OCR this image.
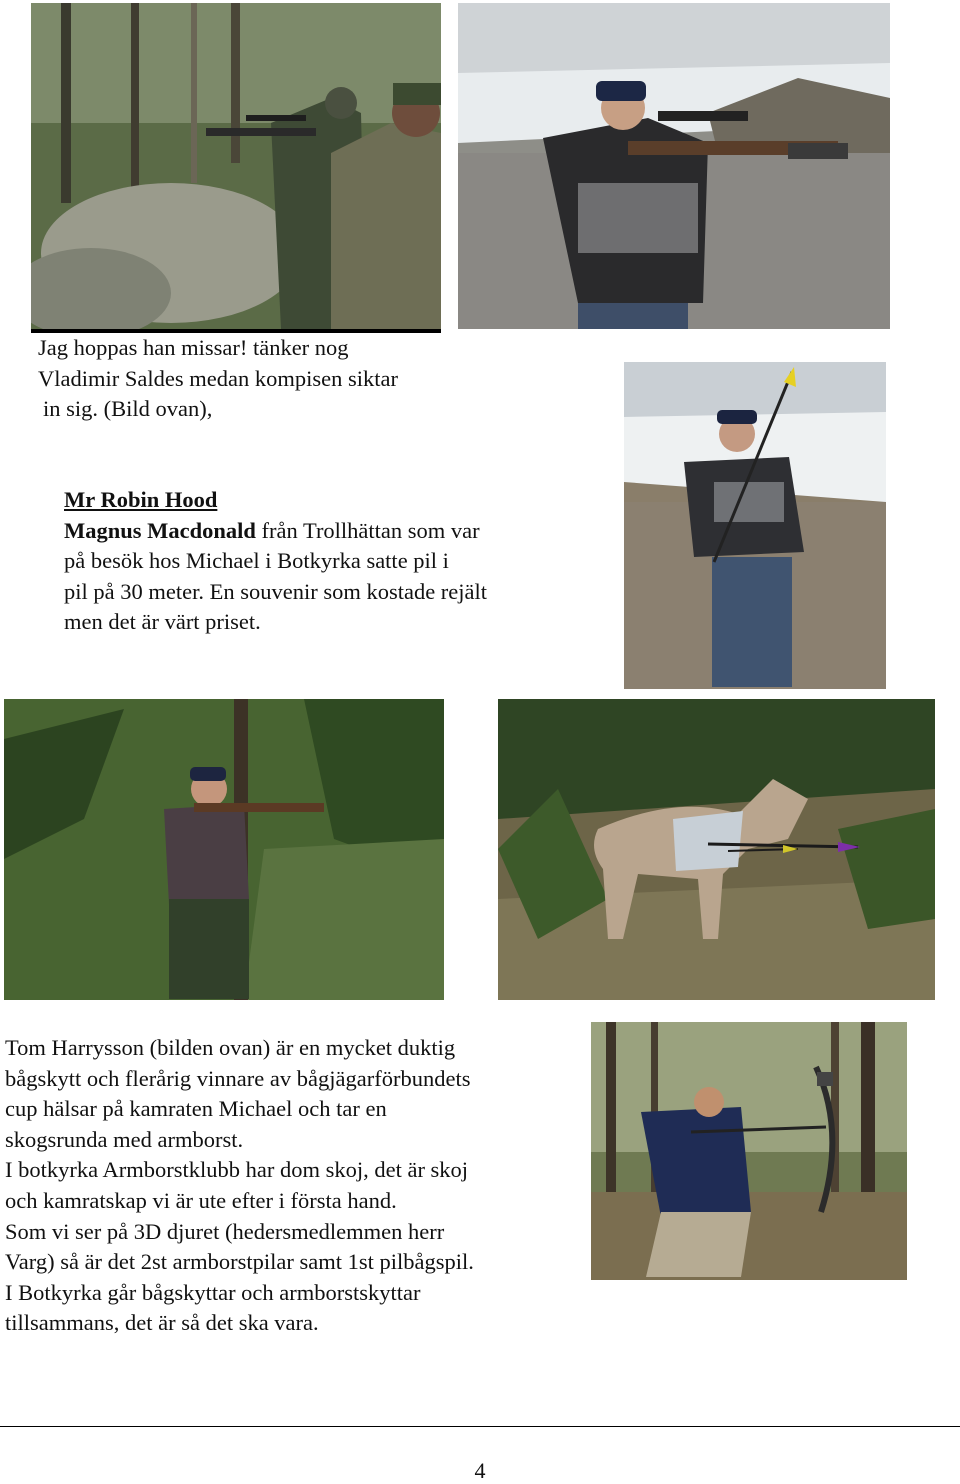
Jag hoppas han missar! tänker nog
Vladimir Saldes medan kompisen siktar
in sig. (Bild ovan),
Mr Robin Hood
Magnus Macdonald från Trollhättan som var
på besök hos Michael i Botkyrka satte pil i
pil på 30 meter. En souvenir som kostade rejält
men det är värt priset.
Tom Harrysson (bilden ovan) är en mycket duktig
bågskytt och flerårig vinnare av bågjägarförbundets
cup hälsar på kamraten Michael och tar en
skogsrunda med armborst.
I botkyrka Armborstklubb har dom skoj, det är skoj
och kamratskap vi är ute efter i första hand.
Som vi ser på 3D djuret (hedersmedlemmen herr
Varg) så är det 2st armborstpilar samt 1st pilbågspil.
I Botkyrka går bågskyttar och armborstskyttar
tillsammans, det är så det ska vara.
4
